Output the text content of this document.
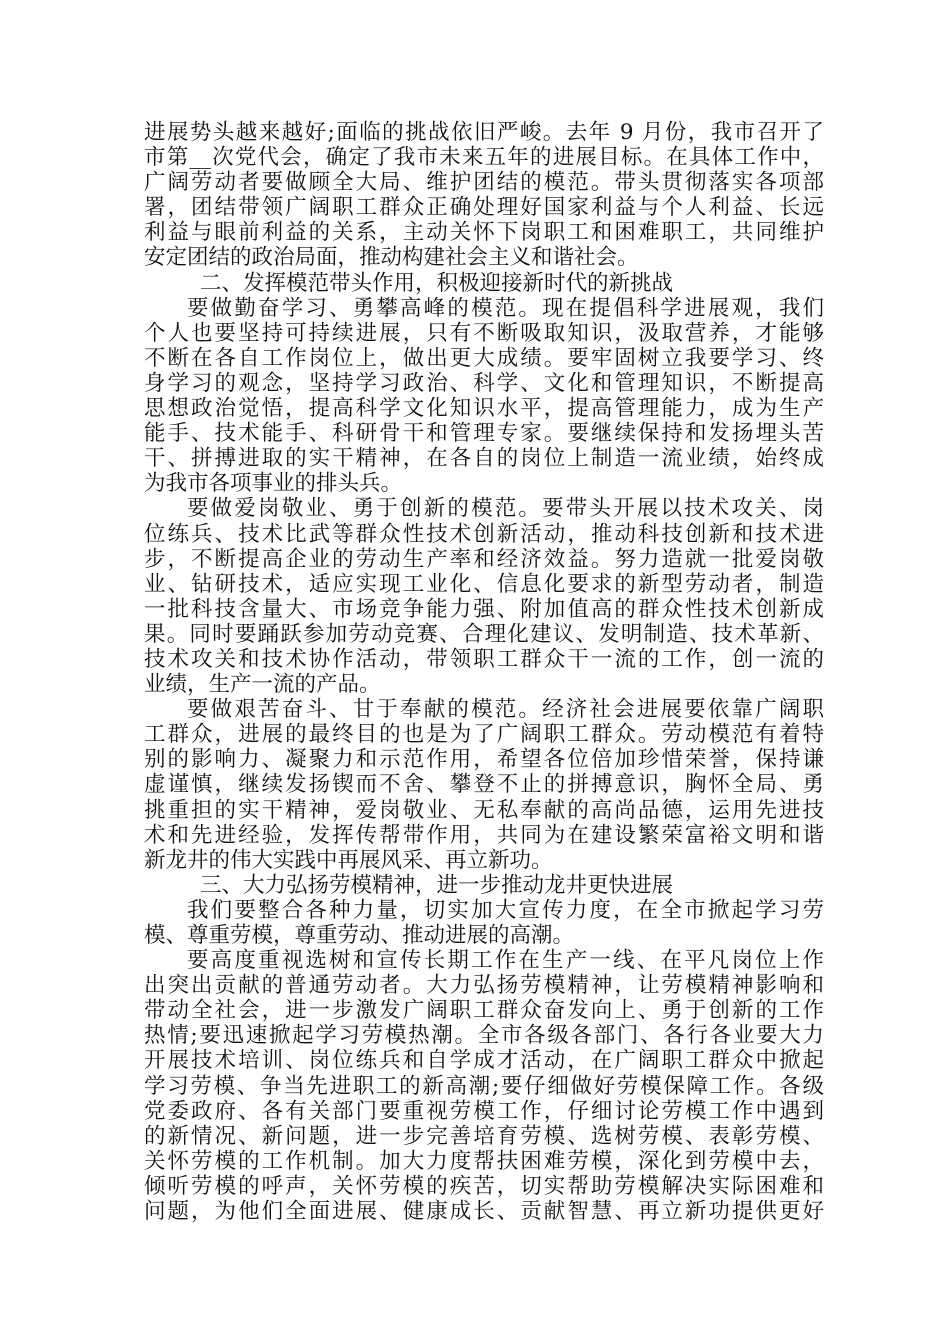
进展势头越来越好;面临的挑战依旧严峻。去年 9 月份，我市召开了
市第__次党代会，确定了我市未来五年的进展目标。在具体工作中，
广阔劳动者要做顾全大局、维护团结的模范。带头贯彻落实各项部
署，团结带领广阔职工群众正确处理好国家利益与个人利益、长远
利益与眼前利益的关系，主动关怀下岗职工和困难职工，共同维护
安定团结的政治局面，推动构建社会主义和谐社会。
二、发挥模范带头作用，积极迎接新时代的新挑战
要做勤奋学习、勇攀高峰的模范。现在提倡科学进展观，我们
个人也要坚持可持续进展，只有不断吸取知识，汲取营养，才能够
不断在各自工作岗位上，做出更大成绩。要牢固树立我要学习、终
身学习的观念，坚持学习政治、科学、文化和管理知识，不断提高
思想政治觉悟，提高科学文化知识水平，提高管理能力，成为生产
能手、技术能手、科研骨干和管理专家。要继续保持和发扬埋头苦
干、拼搏进取的实干精神，在各自的岗位上制造一流业绩，始终成
为我市各项事业的排头兵。
要做爱岗敬业、勇于创新的模范。要带头开展以技术攻关、岗
位练兵、技术比武等群众性技术创新活动，推动科技创新和技术进
步，不断提高企业的劳动生产率和经济效益。努力造就一批爱岗敬
业、钻研技术，适应实现工业化、信息化要求的新型劳动者，制造
一批科技含量大、市场竞争能力强、附加值高的群众性技术创新成
果。同时要踊跃参加劳动竞赛、合理化建议、发明制造、技术革新、
技术攻关和技术协作活动，带领职工群众干一流的工作，创一流的
业绩，生产一流的产品。
要做艰苦奋斗、甘于奉献的模范。经济社会进展要依靠广阔职
工群众，进展的最终目的也是为了广阔职工群众。劳动模范有着特
别的影响力、凝聚力和示范作用，希望各位倍加珍惜荣誉，保持谦
虚谨慎，继续发扬锲而不舍、攀登不止的拼搏意识，胸怀全局、勇
挑重担的实干精神，爱岗敬业、无私奉献的高尚品德，运用先进技
术和先进经验，发挥传帮带作用，共同为在建设繁荣富裕文明和谐
新龙井的伟大实践中再展风采、再立新功。
三、大力弘扬劳模精神，进一步推动龙井更快进展
我们要整合各种力量，切实加大宣传力度，在全市掀起学习劳
模、尊重劳模，尊重劳动、推动进展的高潮。
要高度重视选树和宣传长期工作在生产一线、在平凡岗位上作
出突出贡献的普通劳动者。大力弘扬劳模精神，让劳模精神影响和
带动全社会，进一步激发广阔职工群众奋发向上、勇于创新的工作
热情;要迅速掀起学习劳模热潮。全市各级各部门、各行各业要大力
开展技术培训、岗位练兵和自学成才活动，在广阔职工群众中掀起
学习劳模、争当先进职工的新高潮;要仔细做好劳模保障工作。各级
党委政府、各有关部门要重视劳模工作，仔细讨论劳模工作中遇到
的新情况、新问题，进一步完善培育劳模、选树劳模、表彰劳模、
关怀劳模的工作机制。加大力度帮扶困难劳模，深化到劳模中去，
倾听劳模的呼声，关怀劳模的疾苦，切实帮助劳模解决实际困难和
问题，为他们全面进展、健康成长、贡献智慧、再立新功提供更好
